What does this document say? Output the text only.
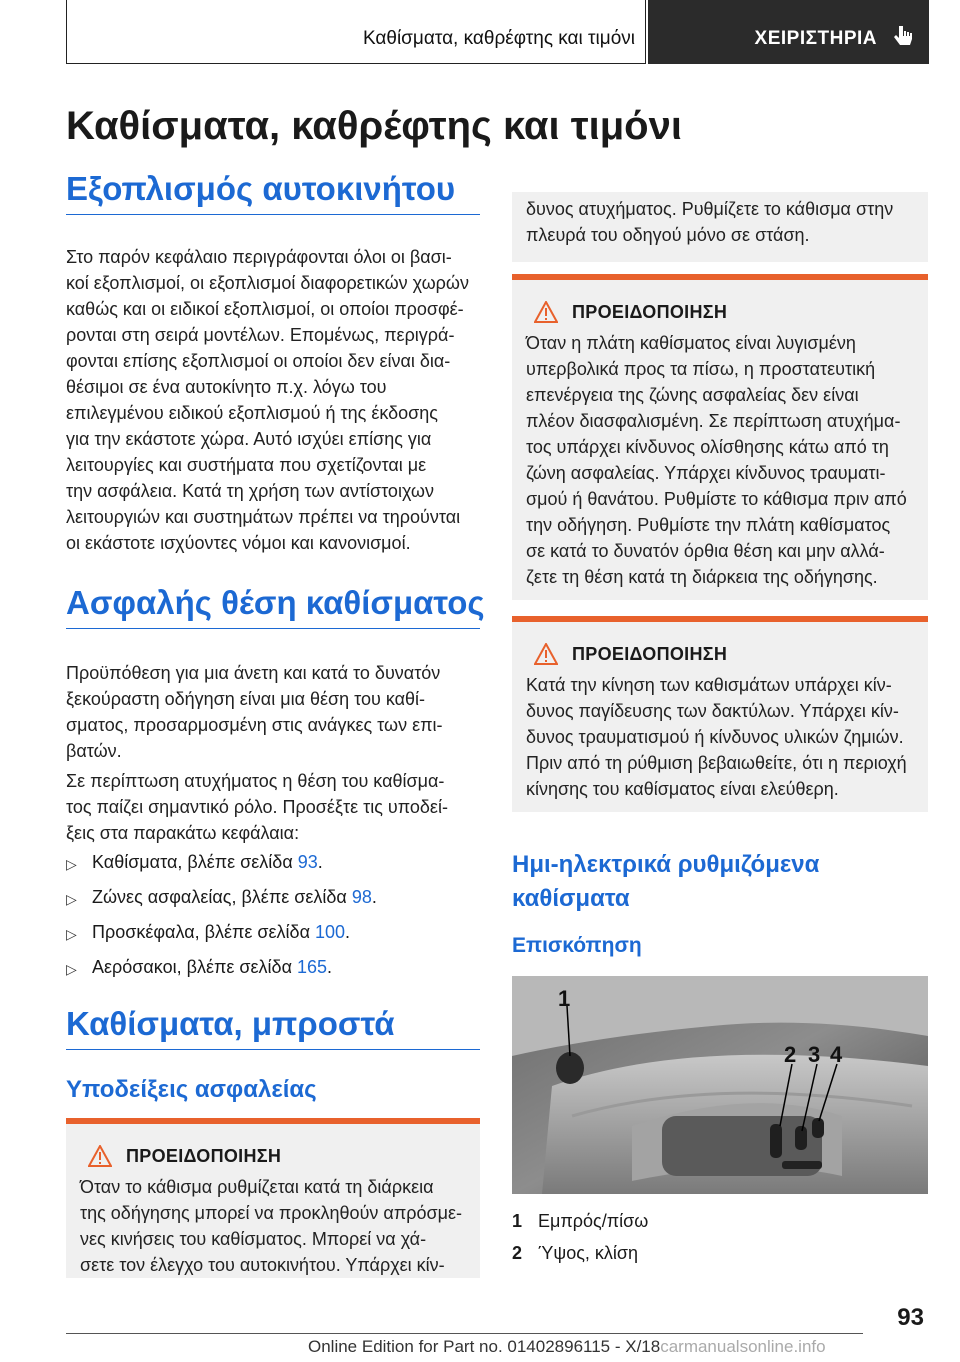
Καθίσματα, καθρέφτης και τιμόνι	ΧΕΙΡΙΣΤΗΡΙΑ
Καθίσματα, καθρέφτης και τιμόνι
Εξοπλισμός αυτοκινήτου
Στο παρόν κεφάλαιο περιγράφονται όλοι οι βασι-
κοί εξοπλισμοί, οι εξοπλισμοί διαφορετικών χωρών
καθώς και οι ειδικοί εξοπλισμοί, οι οποίοι προσφέ-
ρονται στη σειρά μοντέλων. Επομένως, περιγρά-
φονται επίσης εξοπλισμοί οι οποίοι δεν είναι δια-
θέσιμοι σε ένα αυτοκίνητο π.χ. λόγω του
επιλεγμένου ειδικού εξοπλισμού ή της έκδοσης
για την εκάστοτε χώρα. Αυτό ισχύει επίσης για
λειτουργίες και συστήματα που σχετίζονται με
την ασφάλεια. Κατά τη χρήση των αντίστοιχων
λειτουργιών και συστημάτων πρέπει να τηρούνται
οι εκάστοτε ισχύοντες νόμοι και κανονισμοί.
Ασφαλής θέση καθίσματος
Προϋπόθεση για μια άνετη και κατά το δυνατόν
ξεκούραστη οδήγηση είναι μια θέση του καθί-
σματος, προσαρμοσμένη στις ανάγκες των επι-
βατών.
Σε περίπτωση ατυχήματος η θέση του καθίσμα-
τος παίζει σημαντικό ρόλο. Προσέξτε τις υποδεί-
ξεις στα παρακάτω κεφάλαια:
▷ Καθίσματα, βλέπε σελίδα 93.
▷ Ζώνες ασφαλείας, βλέπε σελίδα 98.
▷ Προσκέφαλα, βλέπε σελίδα 100.
▷ Αερόσακοι, βλέπε σελίδα 165.
Καθίσματα, μπροστά
Υποδείξεις ασφαλείας
ΠΡΟΕΙΔΟΠΟΙΗΣΗ
Όταν το κάθισμα ρυθμίζεται κατά τη διάρκεια
της οδήγησης μπορεί να προκληθούν απρόσμε-
νες κινήσεις του καθίσματος. Μπορεί να χά-
σετε τον έλεγχο του αυτοκινήτου. Υπάρχει κίν-
δυνος ατυχήματος. Ρυθμίζετε το κάθισμα στην
πλευρά του οδηγού μόνο σε στάση.
ΠΡΟΕΙΔΟΠΟΙΗΣΗ
Όταν η πλάτη καθίσματος είναι λυγισμένη
υπερβολικά προς τα πίσω, η προστατευτική
επενέργεια της ζώνης ασφαλείας δεν είναι
πλέον διασφαλισμένη. Σε περίπτωση ατυχήμα-
τος υπάρχει κίνδυνος ολίσθησης κάτω από τη
ζώνη ασφαλείας. Υπάρχει κίνδυνος τραυματι-
σμού ή θανάτου. Ρυθμίστε το κάθισμα πριν από
την οδήγηση. Ρυθμίστε την πλάτη καθίσματος
σε κατά το δυνατόν όρθια θέση και μην αλλά-
ζετε τη θέση κατά τη διάρκεια της οδήγησης.
ΠΡΟΕΙΔΟΠΟΙΗΣΗ
Κατά την κίνηση των καθισμάτων υπάρχει κίν-
δυνος παγίδευσης των δακτύλων. Υπάρχει κίν-
δυνος τραυματισμού ή κίνδυνος υλικών ζημιών.
Πριν από τη ρύθμιση βεβαιωθείτε, ότι η περιοχή
κίνησης του καθίσματος είναι ελεύθερη.
Ημι-ηλεκτρικά ρυθμιζόμενα
καθίσματα
Επισκόπηση
1
2 3 4
1 Εμπρός/πίσω
2 Ύψος, κλίση
93
Online Edition for Part no. 01402896115 - X/18carmanualsonline.info
